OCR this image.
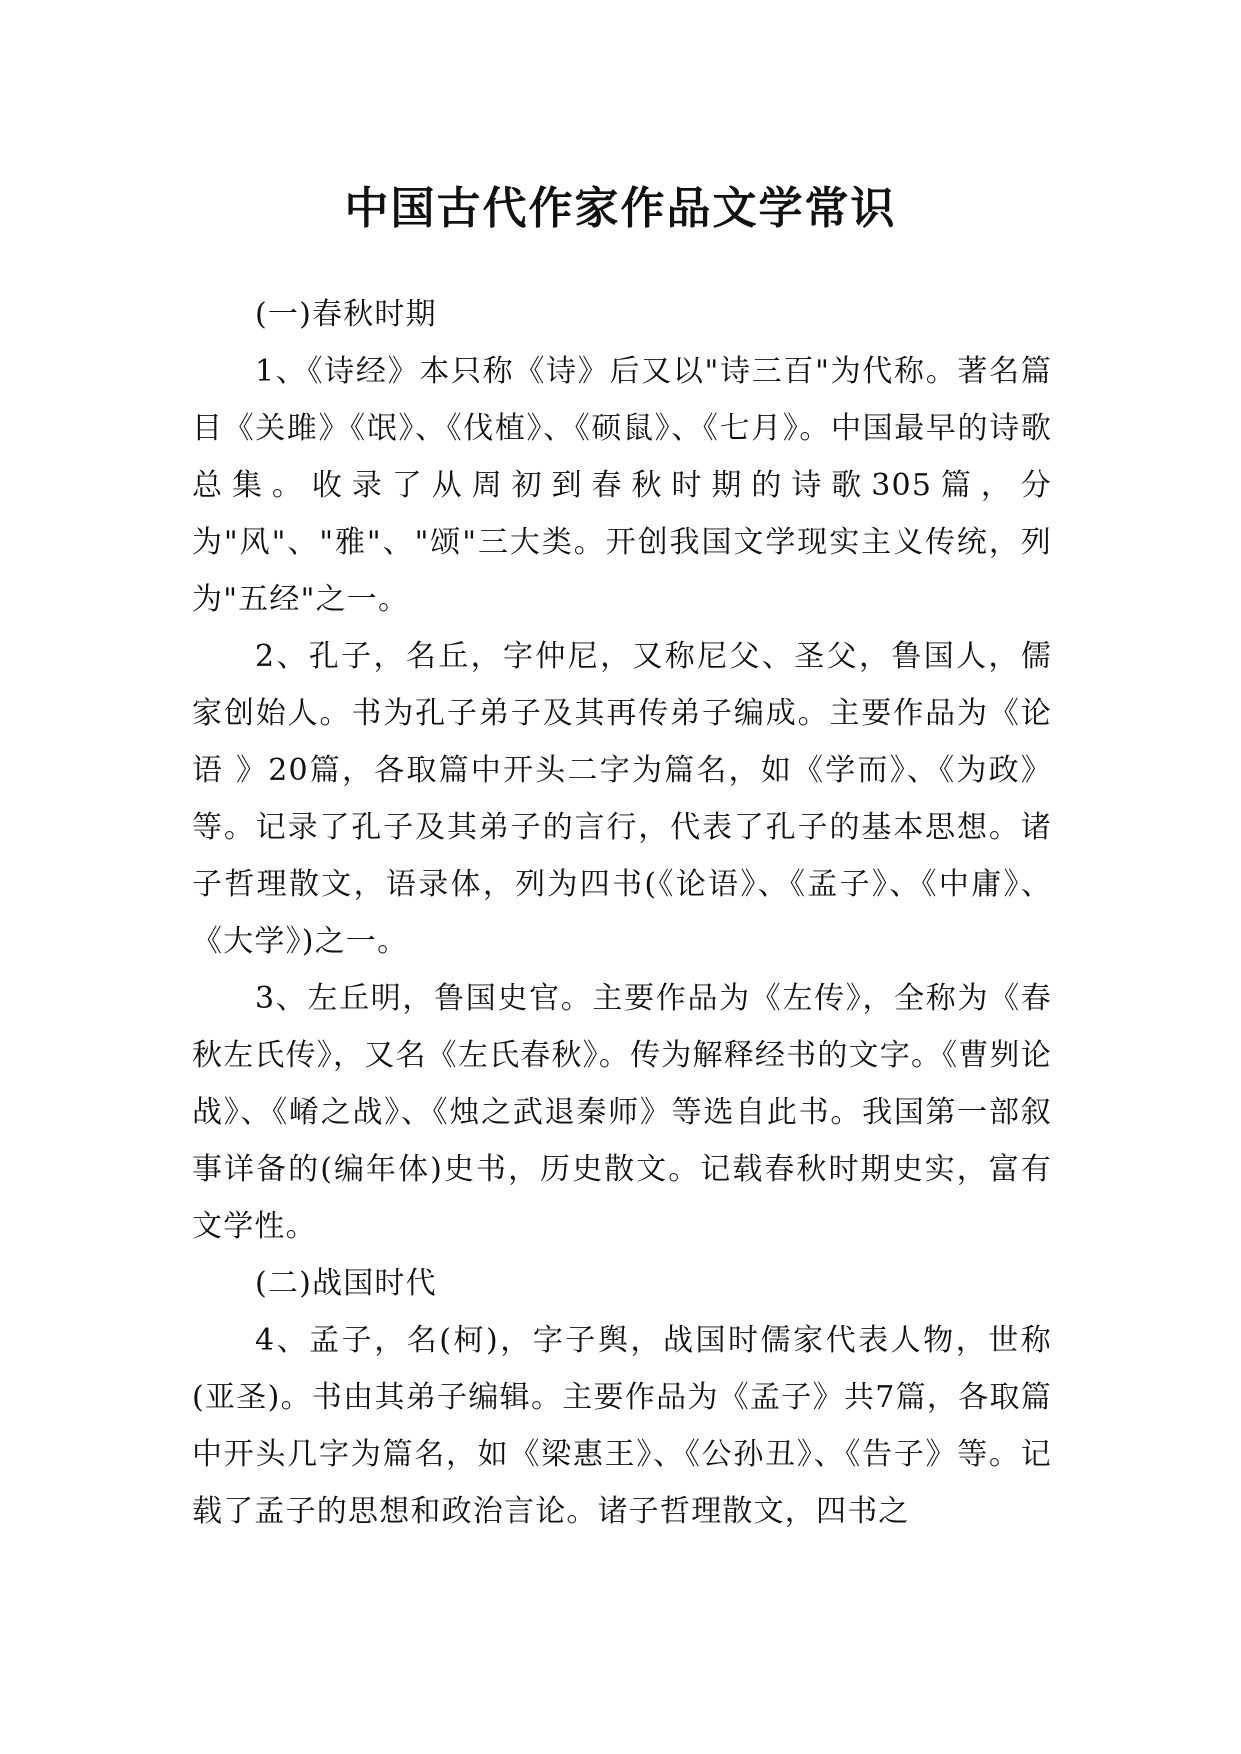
中国古代作家作品文学常识

(一)春秋时期

1、《诗经》本只称《诗》后又以"诗三百"为代称。著名篇目《关雎》《氓》、《伐植》、《硕鼠》、《七月》。中国最早的诗歌总集。收录了从周初到春秋时期的诗歌305篇，分为"风"、"雅"、"颂"三大类。开创我国文学现实主义传统，列为"五经"之一。

2、孔子，名丘，字仲尼，又称尼父、圣父，鲁国人，儒家创始人。书为孔子弟子及其再传弟子编成。主要作品为《论语 》20篇，各取篇中开头二字为篇名，如《学而》、《为政》等。记录了孔子及其弟子的言行，代表了孔子的基本思想。诸子哲理散文，语录体，列为四书(《论语》、《孟子》、《中庸》、《大学》)之一。

3、左丘明，鲁国史官。主要作品为《左传》，全称为《春秋左氏传》，又名《左氏春秋》。传为解释经书的文字。《曹刿论战》、《崤之战》、《烛之武退秦师》等选自此书。我国第一部叙事详备的(编年体)史书，历史散文。记载春秋时期史实，富有文学性。

(二)战国时代

4、孟子，名(柯)，字子舆，战国时儒家代表人物，世称(亚圣)。书由其弟子编辑。主要作品为《孟子》共7篇，各取篇中开头几字为篇名，如《梁惠王》、《公孙丑》、《告子》等。记载了孟子的思想和政治言论。诸子哲理散文，四书之
